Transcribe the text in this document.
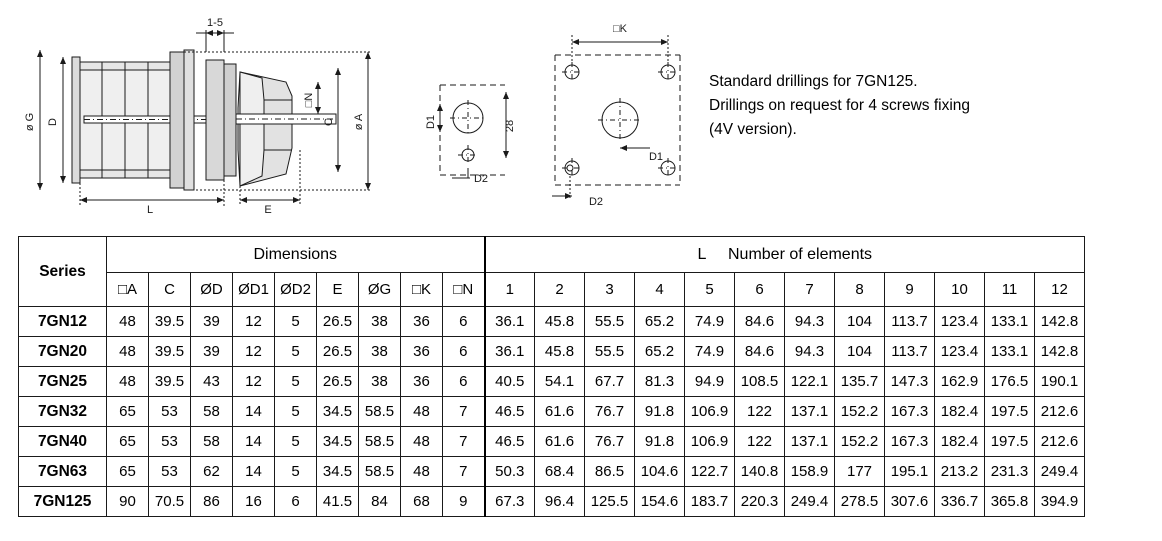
1-5
ø G D
□N
C ø A
L	E
D1
D2
28
□K
D1
D2
Standard drillings for 7GN125.
Drillings on request for 4 screws fixing
(4V version).
Series	Dimensions									L Number of elements											
	□A	C	ØD	ØD1	ØD2	E	ØG	□K	□N	1	2	3	4	5	6	7	8	9	10	11	12
7GN12	48	39.5	39	12	5	26.5	38	36	6	36.1	45.8	55.5	65.2	74.9	84.6	94.3	104	113.7	123.4	133.1	142.8
7GN20	48	39.5	39	12	5	26.5	38	36	6	36.1	45.8	55.5	65.2	74.9	84.6	94.3	104	113.7	123.4	133.1	142.8
7GN25	48	39.5	43	12	5	26.5	38	36	6	40.5	54.1	67.7	81.3	94.9	108.5	122.1	135.7	147.3	162.9	176.5	190.1
7GN32	65	53	58	14	5	34.5	58.5	48	7	46.5	61.6	76.7	91.8	106.9	122	137.1	152.2	167.3	182.4	197.5	212.6
7GN40	65	53	58	14	5	34.5	58.5	48	7	46.5	61.6	76.7	91.8	106.9	122	137.1	152.2	167.3	182.4	197.5	212.6
7GN63	65	53	62	14	5	34.5	58.5	48	7	50.3	68.4	86.5	104.6	122.7	140.8	158.9	177	195.1	213.2	231.3	249.4
7GN125	90	70.5	86	16	6	41.5	84	68	9	67.3	96.4	125.5	154.6	183.7	220.3	249.4	278.5	307.6	336.7	365.8	394.9
